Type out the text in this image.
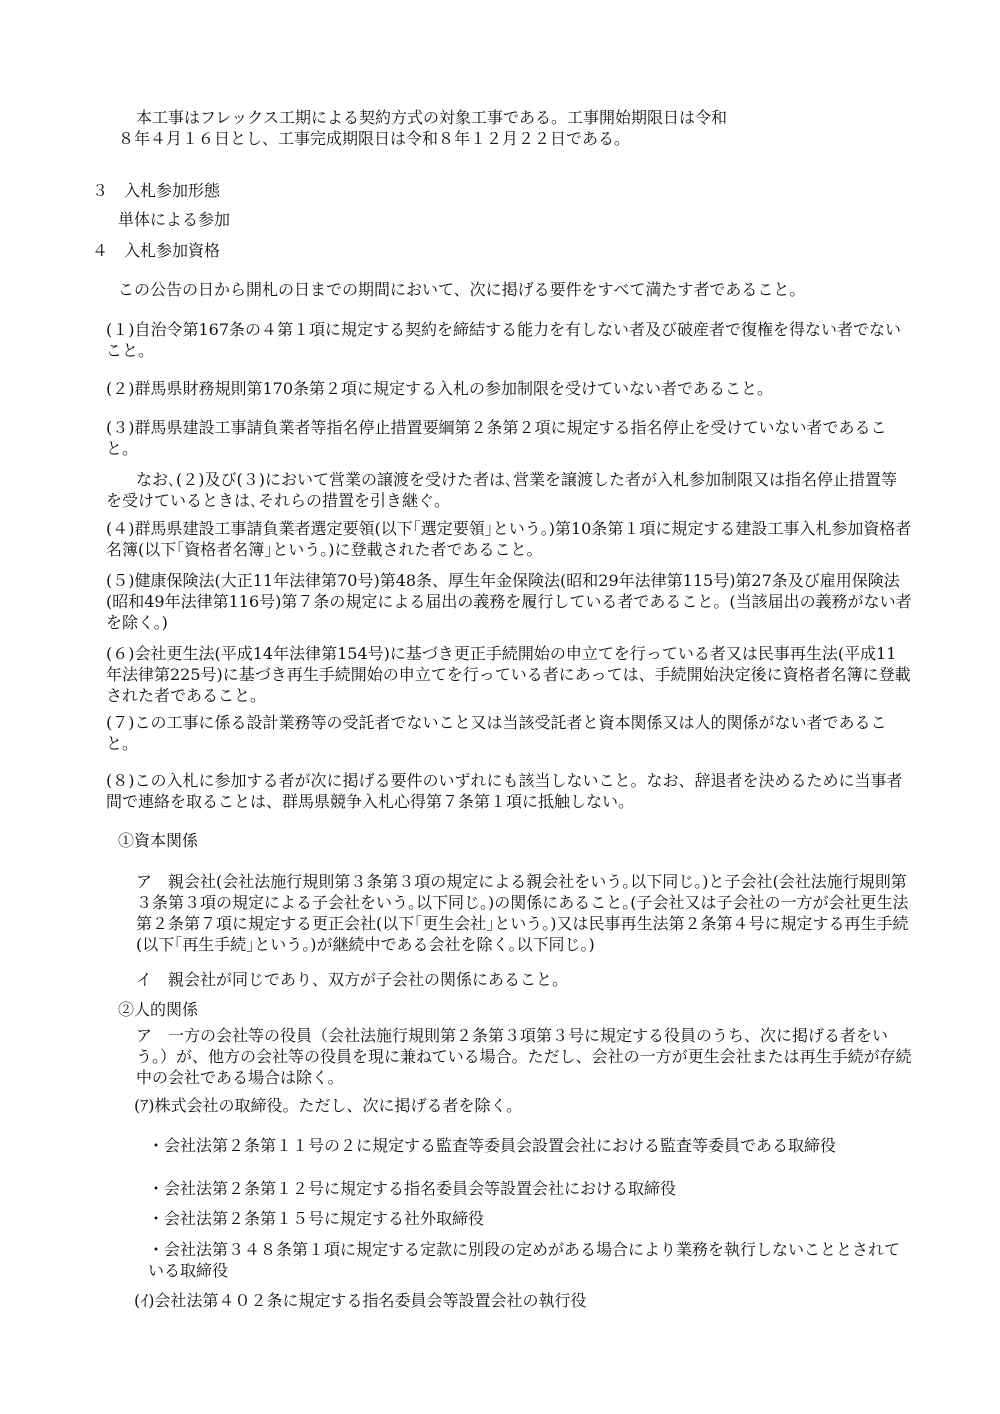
本工事はフレックス工期による契約方式の対象工事である。工事開始期限日は令和

８年４月１６日とし、工事完成期限日は令和８年１２月２２日である。

３　入札参加形態

単体による参加

４　入札参加資格

この公告の日から開札の日までの期間において、次に掲げる要件をすべて満たす者であること。

(１)自治令第167条の４第１項に規定する契約を締結する能力を有しない者及び破産者で復権を得ない者でないこと。

(２)群馬県財務規則第170条第２項に規定する入札の参加制限を受けていない者であること。

(３)群馬県建設工事請負業者等指名停止措置要綱第２条第２項に規定する指名停止を受けていない者であること。

なお､(２)及び(３)において営業の譲渡を受けた者は､営業を譲渡した者が入札参加制限又は指名停止措置等を受けているときは､それらの措置を引き継ぐ｡

(４)群馬県建設工事請負業者選定要領(以下｢選定要領｣という｡)第10条第１項に規定する建設工事入札参加資格者名簿(以下｢資格者名簿｣という｡)に登載された者であること。

(５)健康保険法(大正11年法律第70号)第48条、厚生年金保険法(昭和29年法律第115号)第27条及び雇用保険法(昭和49年法律第116号)第７条の規定による届出の義務を履行している者であること。(当該届出の義務がない者を除く。)

(６)会社更生法(平成14年法律第154号)に基づき更正手続開始の申立てを行っている者又は民事再生法(平成11年法律第225号)に基づき再生手続開始の申立てを行っている者にあっては、手続開始決定後に資格者名簿に登載された者であること。

(７)この工事に係る設計業務等の受託者でないこと又は当該受託者と資本関係又は人的関係がない者であること。

(８)この入札に参加する者が次に掲げる要件のいずれにも該当しないこと。なお、辞退者を決めるために当事者間で連絡を取ることは、群馬県競争入札心得第７条第１項に抵触しない。

①資本関係

ア　親会社(会社法施行規則第３条第３項の規定による親会社をいう｡以下同じ｡)と子会社(会社法施行規則第３条第３項の規定による子会社をいう｡以下同じ｡)の関係にあること｡(子会社又は子会社の一方が会社更生法第２条第７項に規定する更正会社(以下｢更生会社｣という｡)又は民事再生法第２条第４号に規定する再生手続(以下｢再生手続｣という｡)が継続中である会社を除く｡以下同じ｡)

イ　親会社が同じであり、双方が子会社の関係にあること。

②人的関係

ア　一方の会社等の役員（会社法施行規則第２条第３項第３号に規定する役員のうち、次に掲げる者をいう。）が、他方の会社等の役員を現に兼ねている場合。ただし、会社の一方が更生会社または再生手続が存続中の会社である場合は除く。

(ｱ)株式会社の取締役。ただし、次に掲げる者を除く。

・会社法第２条第１１号の２に規定する監査等委員会設置会社における監査等委員である取締役

・会社法第２条第１２号に規定する指名委員会等設置会社における取締役

・会社法第２条第１５号に規定する社外取締役

・会社法第３４８条第１項に規定する定款に別段の定めがある場合により業務を執行しないこととされている取締役

(ｲ)会社法第４０２条に規定する指名委員会等設置会社の執行役
